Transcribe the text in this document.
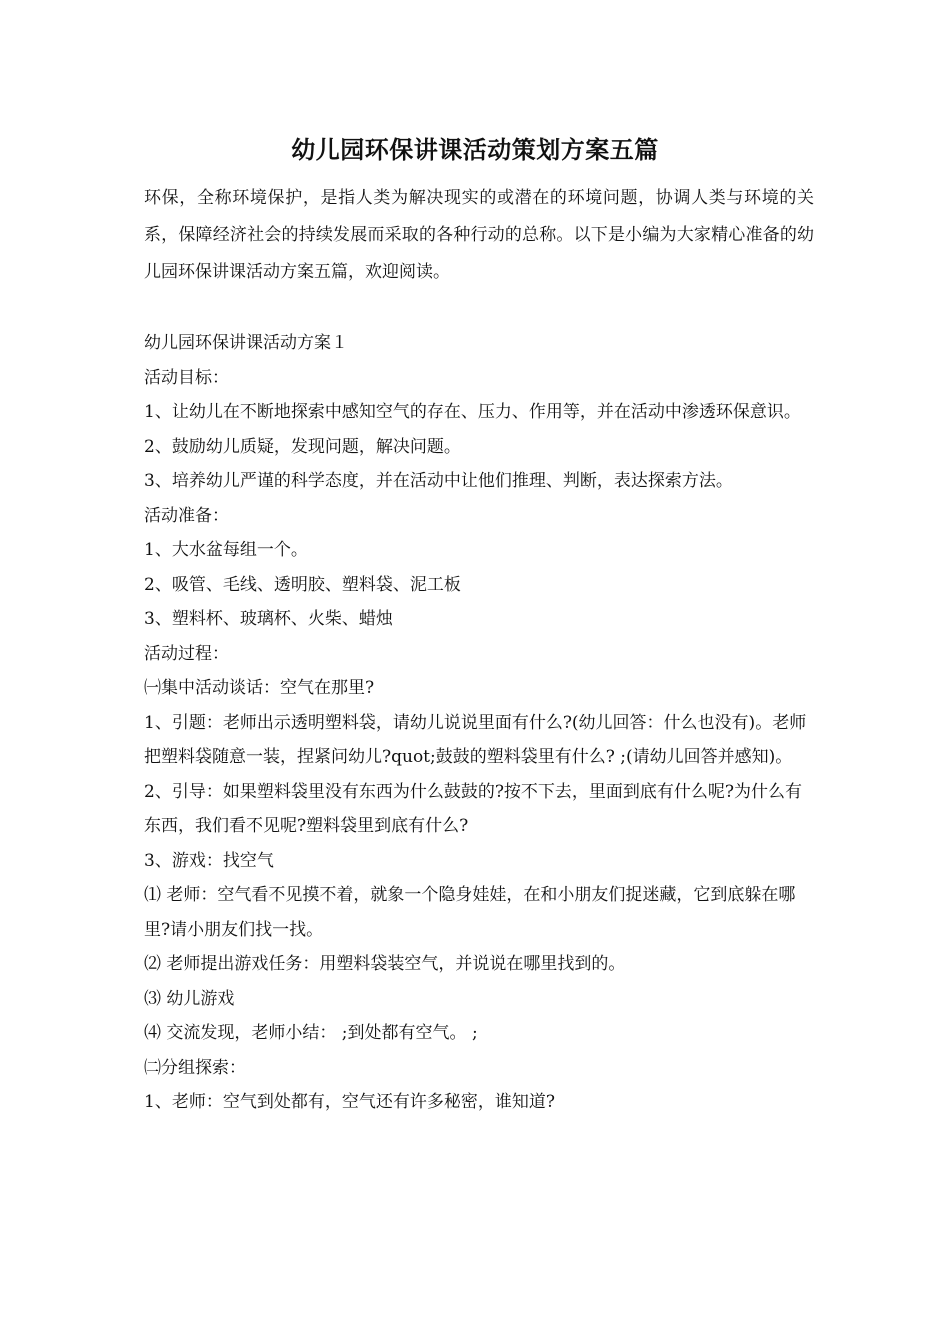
幼儿园环保讲课活动策划方案五篇

环保，全称环境保护，是指人类为解决现实的或潜在的环境问题，协调人类与环境的关系，保障经济社会的持续发展而采取的各种行动的总称。以下是小编为大家精心准备的幼儿园环保讲课活动方案五篇，欢迎阅读。

幼儿园环保讲课活动方案１

活动目标：

1、让幼儿在不断地探索中感知空气的存在、压力、作用等，并在活动中渗透环保意识。

2、鼓励幼儿质疑，发现问题，解决问题。

3、培养幼儿严谨的科学态度，并在活动中让他们推理、判断，表达探索方法。

活动准备：

1、大水盆每组一个。

2、吸管、毛线、透明胶、塑料袋、泥工板

3、塑料杯、玻璃杯、火柴、蜡烛

活动过程：

㈠集中活动谈话：空气在那里?

1、引题：老师出示透明塑料袋，请幼儿说说里面有什么?(幼儿回答：什么也没有)。老师把塑料袋随意一装，捏紧问幼儿?quot;鼓鼓的塑料袋里有什么? ;(请幼儿回答并感知)。

2、引导：如果塑料袋里没有东西为什么鼓鼓的?按不下去，里面到底有什么呢?为什么有东西，我们看不见呢?塑料袋里到底有什么?

3、游戏：找空气

⑴ 老师：空气看不见摸不着，就象一个隐身娃娃，在和小朋友们捉迷藏，它到底躲在哪里?请小朋友们找一找。

⑵ 老师提出游戏任务：用塑料袋装空气，并说说在哪里找到的。

⑶ 幼儿游戏

⑷ 交流发现，老师小结： ;到处都有空气。 ;

㈡分组探索：

1、老师：空气到处都有，空气还有许多秘密，谁知道?
